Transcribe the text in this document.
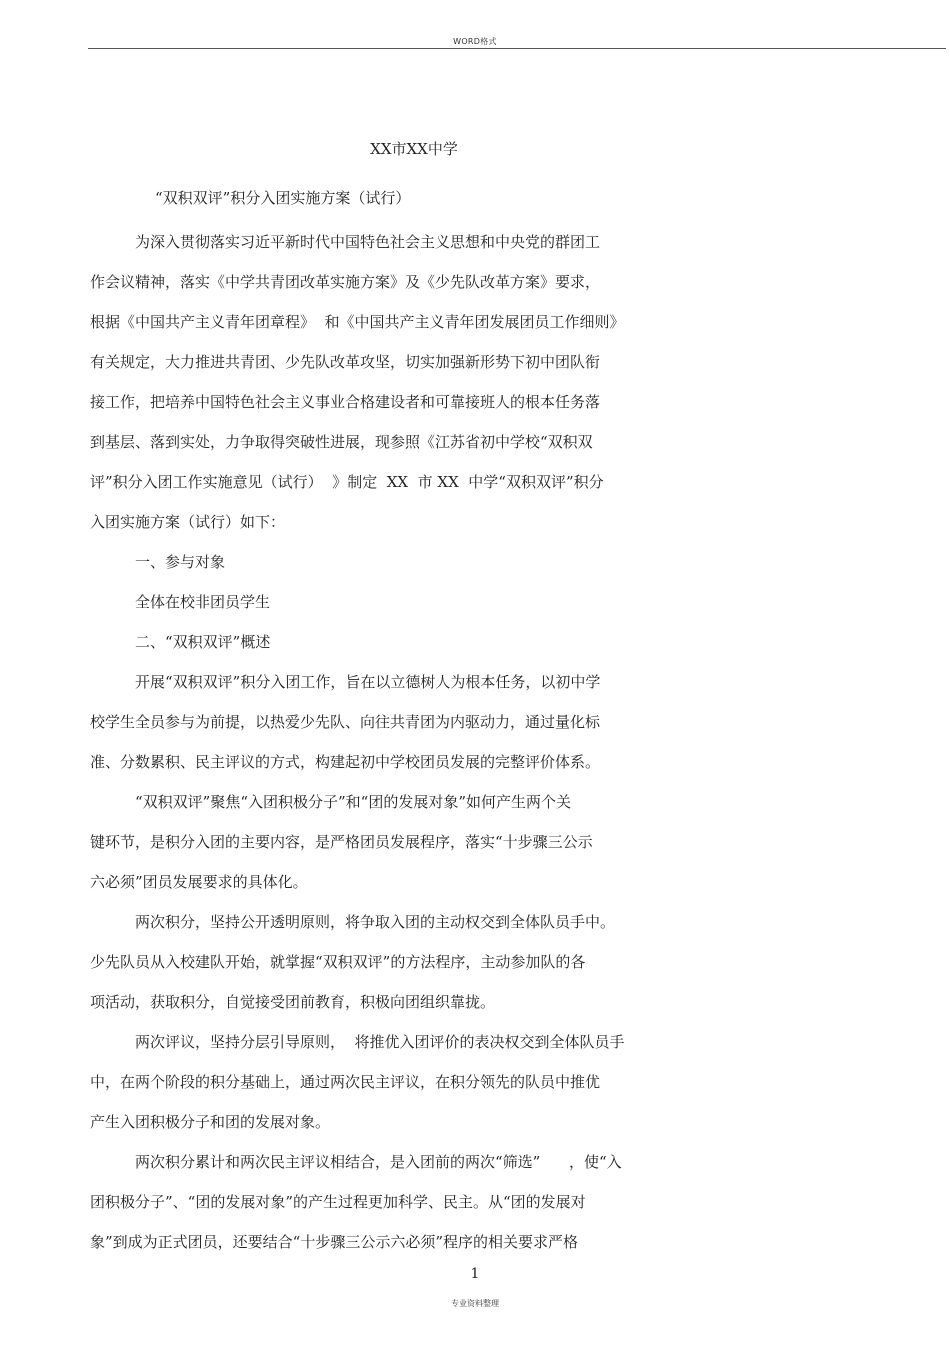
WORD格式
XX市XX中学
“双积双评”积分入团实施方案（试行）
为深入贯彻落实习近平新时代中国特色社会主义思想和中央党的群团工
作会议精神，落实《中学共青团改革实施方案》及《少先队改革方案》要求，
根据《中国共产主义青年团章程》  和《中国共产主义青年团发展团员工作细则》
有关规定，大力推进共青团、少先队改革攻坚，切实加强新形势下初中团队衔
接工作，把培养中国特色社会主义事业合格建设者和可靠接班人的根本任务落
到基层、落到实处，力争取得突破性进展，现参照《江苏省初中学校“双积双
评”积分入团工作实施意见（试行）  》制定  XX  市 XX  中学“双积双评”积分
入团实施方案（试行）如下：
一、参与对象
全体在校非团员学生
二、“双积双评”概述
开展“双积双评”积分入团工作，旨在以立德树人为根本任务，以初中学
校学生全员参与为前提，以热爱少先队、向往共青团为内驱动力，通过量化标
准、分数累积、民主评议的方式，构建起初中学校团员发展的完整评价体系。
“双积双评”聚焦“入团积极分子”和“团的发展对象”如何产生两个关
键环节，是积分入团的主要内容，是严格团员发展程序，落实“十步骤三公示
六必须”团员发展要求的具体化。
两次积分，坚持公开透明原则，将争取入团的主动权交到全体队员手中。
少先队员从入校建队开始，就掌握“双积双评”的方法程序，主动参加队的各
项活动，获取积分，自觉接受团前教育，积极向团组织靠拢。
两次评议，坚持分层引导原则，  将推优入团评价的表决权交到全体队员手
中，在两个阶段的积分基础上，通过两次民主评议，在积分领先的队员中推优
产生入团积极分子和团的发展对象。
两次积分累计和两次民主评议相结合，是入团前的两次“筛选”      ，使“入
团积极分子”、“团的发展对象”的产生过程更加科学、民主。从“团的发展对
象”到成为正式团员，还要结合“十步骤三公示六必须”程序的相关要求严格
1
专业资料整理
